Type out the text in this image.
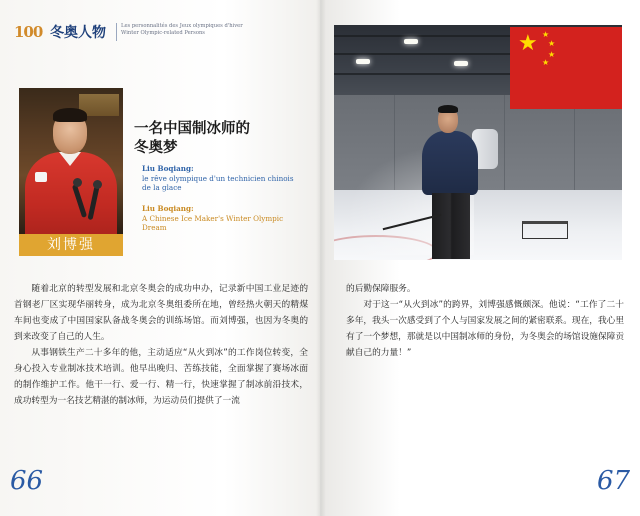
100 冬奥人物	Les personnalités des Jeux olympiques d'hiver
Winter Olympic-related Persons
刘博强
一名中国制冰师的
冬奥梦
Liu Boqiang:
le rêve olympique d'un technicien chinois de la glace
Liu Boqiang:
A Chinese Ice Maker's Winter Olympic Dream

随着北京的转型发展和北京冬奥会的成功申办，记录新中国工业足迹的首钢老厂区实现华丽转身，成为北京冬奥组委所在地，曾经热火朝天的精煤车间也变成了中国国家队备战冬奥会的训练场馆。而刘博强，也因为冬奥的到来改变了自己的人生。

从事钢铁生产二十多年的他，主动适应“从火到冰”的工作岗位转变，全身心投入专业制冰技术培训。他早出晚归、苦练技能，全面掌握了赛场冰面的制作维护工作。他干一行、爱一行、精一行，快速掌握了制冰前沿技术，成功转型为一名技艺精湛的制冰师，为运动员们提供了一流

66
★ ★
★
★
★

的后勤保障服务。

对于这一“从火到冰”的跨界，刘博强感慨颇深。他说：“工作了二十多年，我头一次感受到了个人与国家发展之间的紧密联系。现在，我心里有了一个梦想，那就是以中国制冰师的身份，为冬奥会的场馆设施保障贡献自己的力量！”

67
